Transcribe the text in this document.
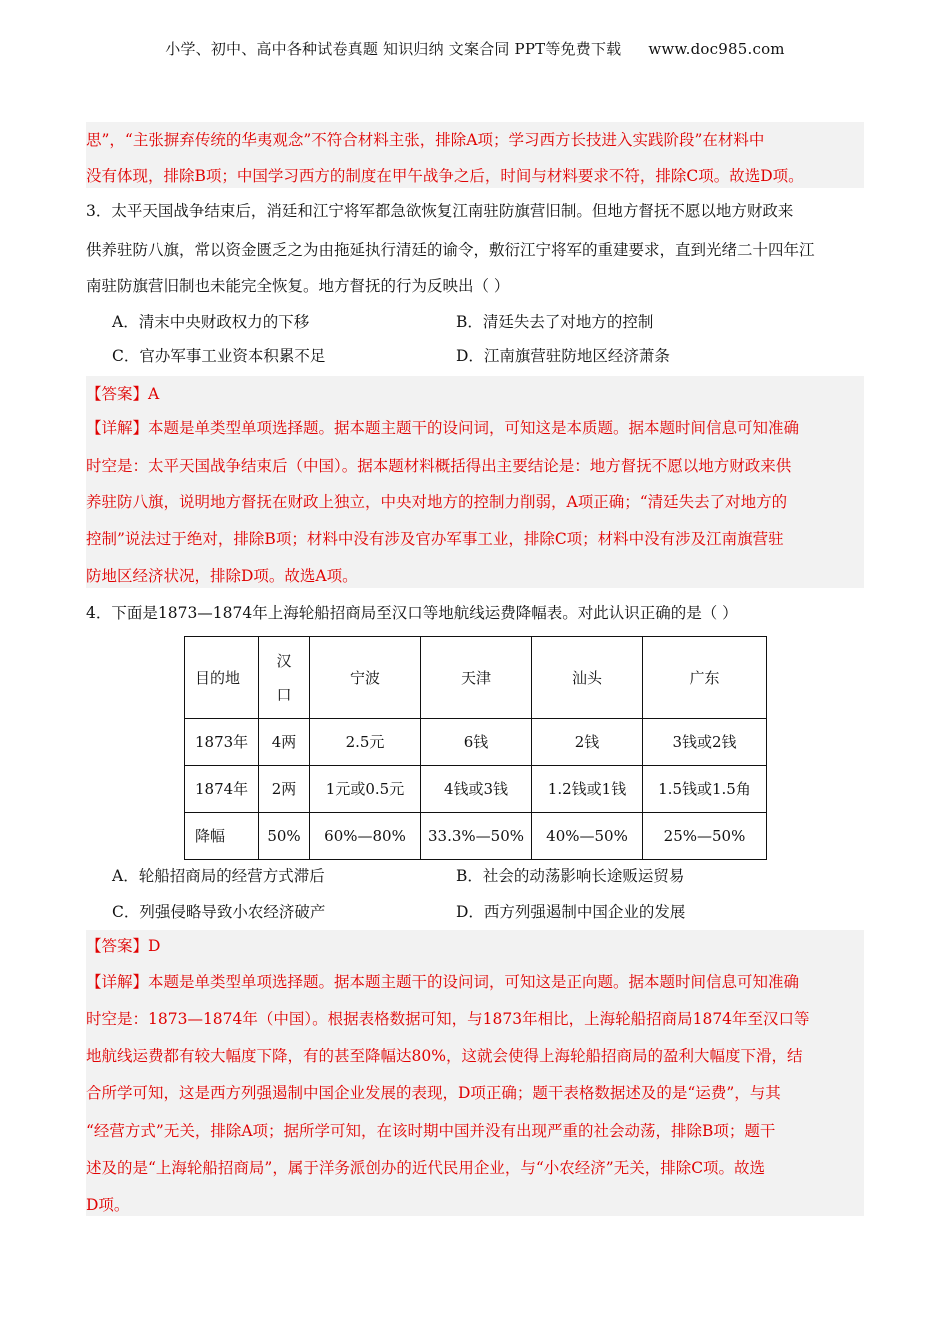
小学、初中、高中各种试卷真题 知识归纳 文案合同 PPT等免费下载 www.doc985.com
思”，“主张摒弃传统的华夷观念”不符合材料主张，排除A项；学习西方长技进入实践阶段”在材料中
没有体现，排除B项；中国学习西方的制度在甲午战争之后，时间与材料要求不符，排除C项。故选D项。
3．太平天国战争结束后，消廷和江宁将军都急欲恢复江南驻防旗营旧制。但地方督抚不愿以地方财政来
供养驻防八旗，常以资金匮乏之为由拖延执行清廷的谕令，敷衍江宁将军的重建要求，直到光绪二十四年江
南驻防旗营旧制也未能完全恢复。地方督抚的行为反映出（ ）
A．清末中央财政权力的下移	B．清廷失去了对地方的控制
C．官办军事工业资本积累不足	D．江南旗营驻防地区经济萧条
【答案】A
【详解】本题是单类型单项选择题。据本题主题干的设问词，可知这是本质题。据本题时间信息可知准确
时空是：太平天国战争结束后（中国）。据本题材料概括得出主要结论是：地方督抚不愿以地方财政来供
养驻防八旗，说明地方督抚在财政上独立，中央对地方的控制力削弱，A项正确；“清廷失去了对地方的
控制”说法过于绝对，排除B项；材料中没有涉及官办军事工业，排除C项；材料中没有涉及江南旗营驻
防地区经济状况，排除D项。故选A项。
4．下面是1873—1874年上海轮船招商局至汉口等地航线运费降幅表。对此认识正确的是（ ）
目的地	汉
口	宁波	天津	汕头	广东
1873年	4两	2.5元	6钱	2钱	3钱或2钱
1874年	2两	1元或0.5元	4钱或3钱	1.2钱或1钱	1.5钱或1.5角
降幅	50%	60%—80%	33.3%—50%	40%—50%	25%—50%
A．轮船招商局的经营方式滞后	B．社会的动荡影响长途贩运贸易
C．列强侵略导致小农经济破产	D．西方列强遏制中国企业的发展
【答案】D
【详解】本题是单类型单项选择题。据本题主题干的设问词，可知这是正向题。据本题时间信息可知准确
时空是：1873—1874年（中国）。根据表格数据可知，与1873年相比，上海轮船招商局1874年至汉口等
地航线运费都有较大幅度下降，有的甚至降幅达80%，这就会使得上海轮船招商局的盈利大幅度下滑，结
合所学可知，这是西方列强遏制中国企业发展的表现，D项正确；题干表格数据述及的是“运费”，与其
“经营方式”无关，排除A项；据所学可知，在该时期中国并没有出现严重的社会动荡，排除B项；题干
述及的是“上海轮船招商局”，属于洋务派创办的近代民用企业，与“小农经济”无关，排除C项。故选
D项。
